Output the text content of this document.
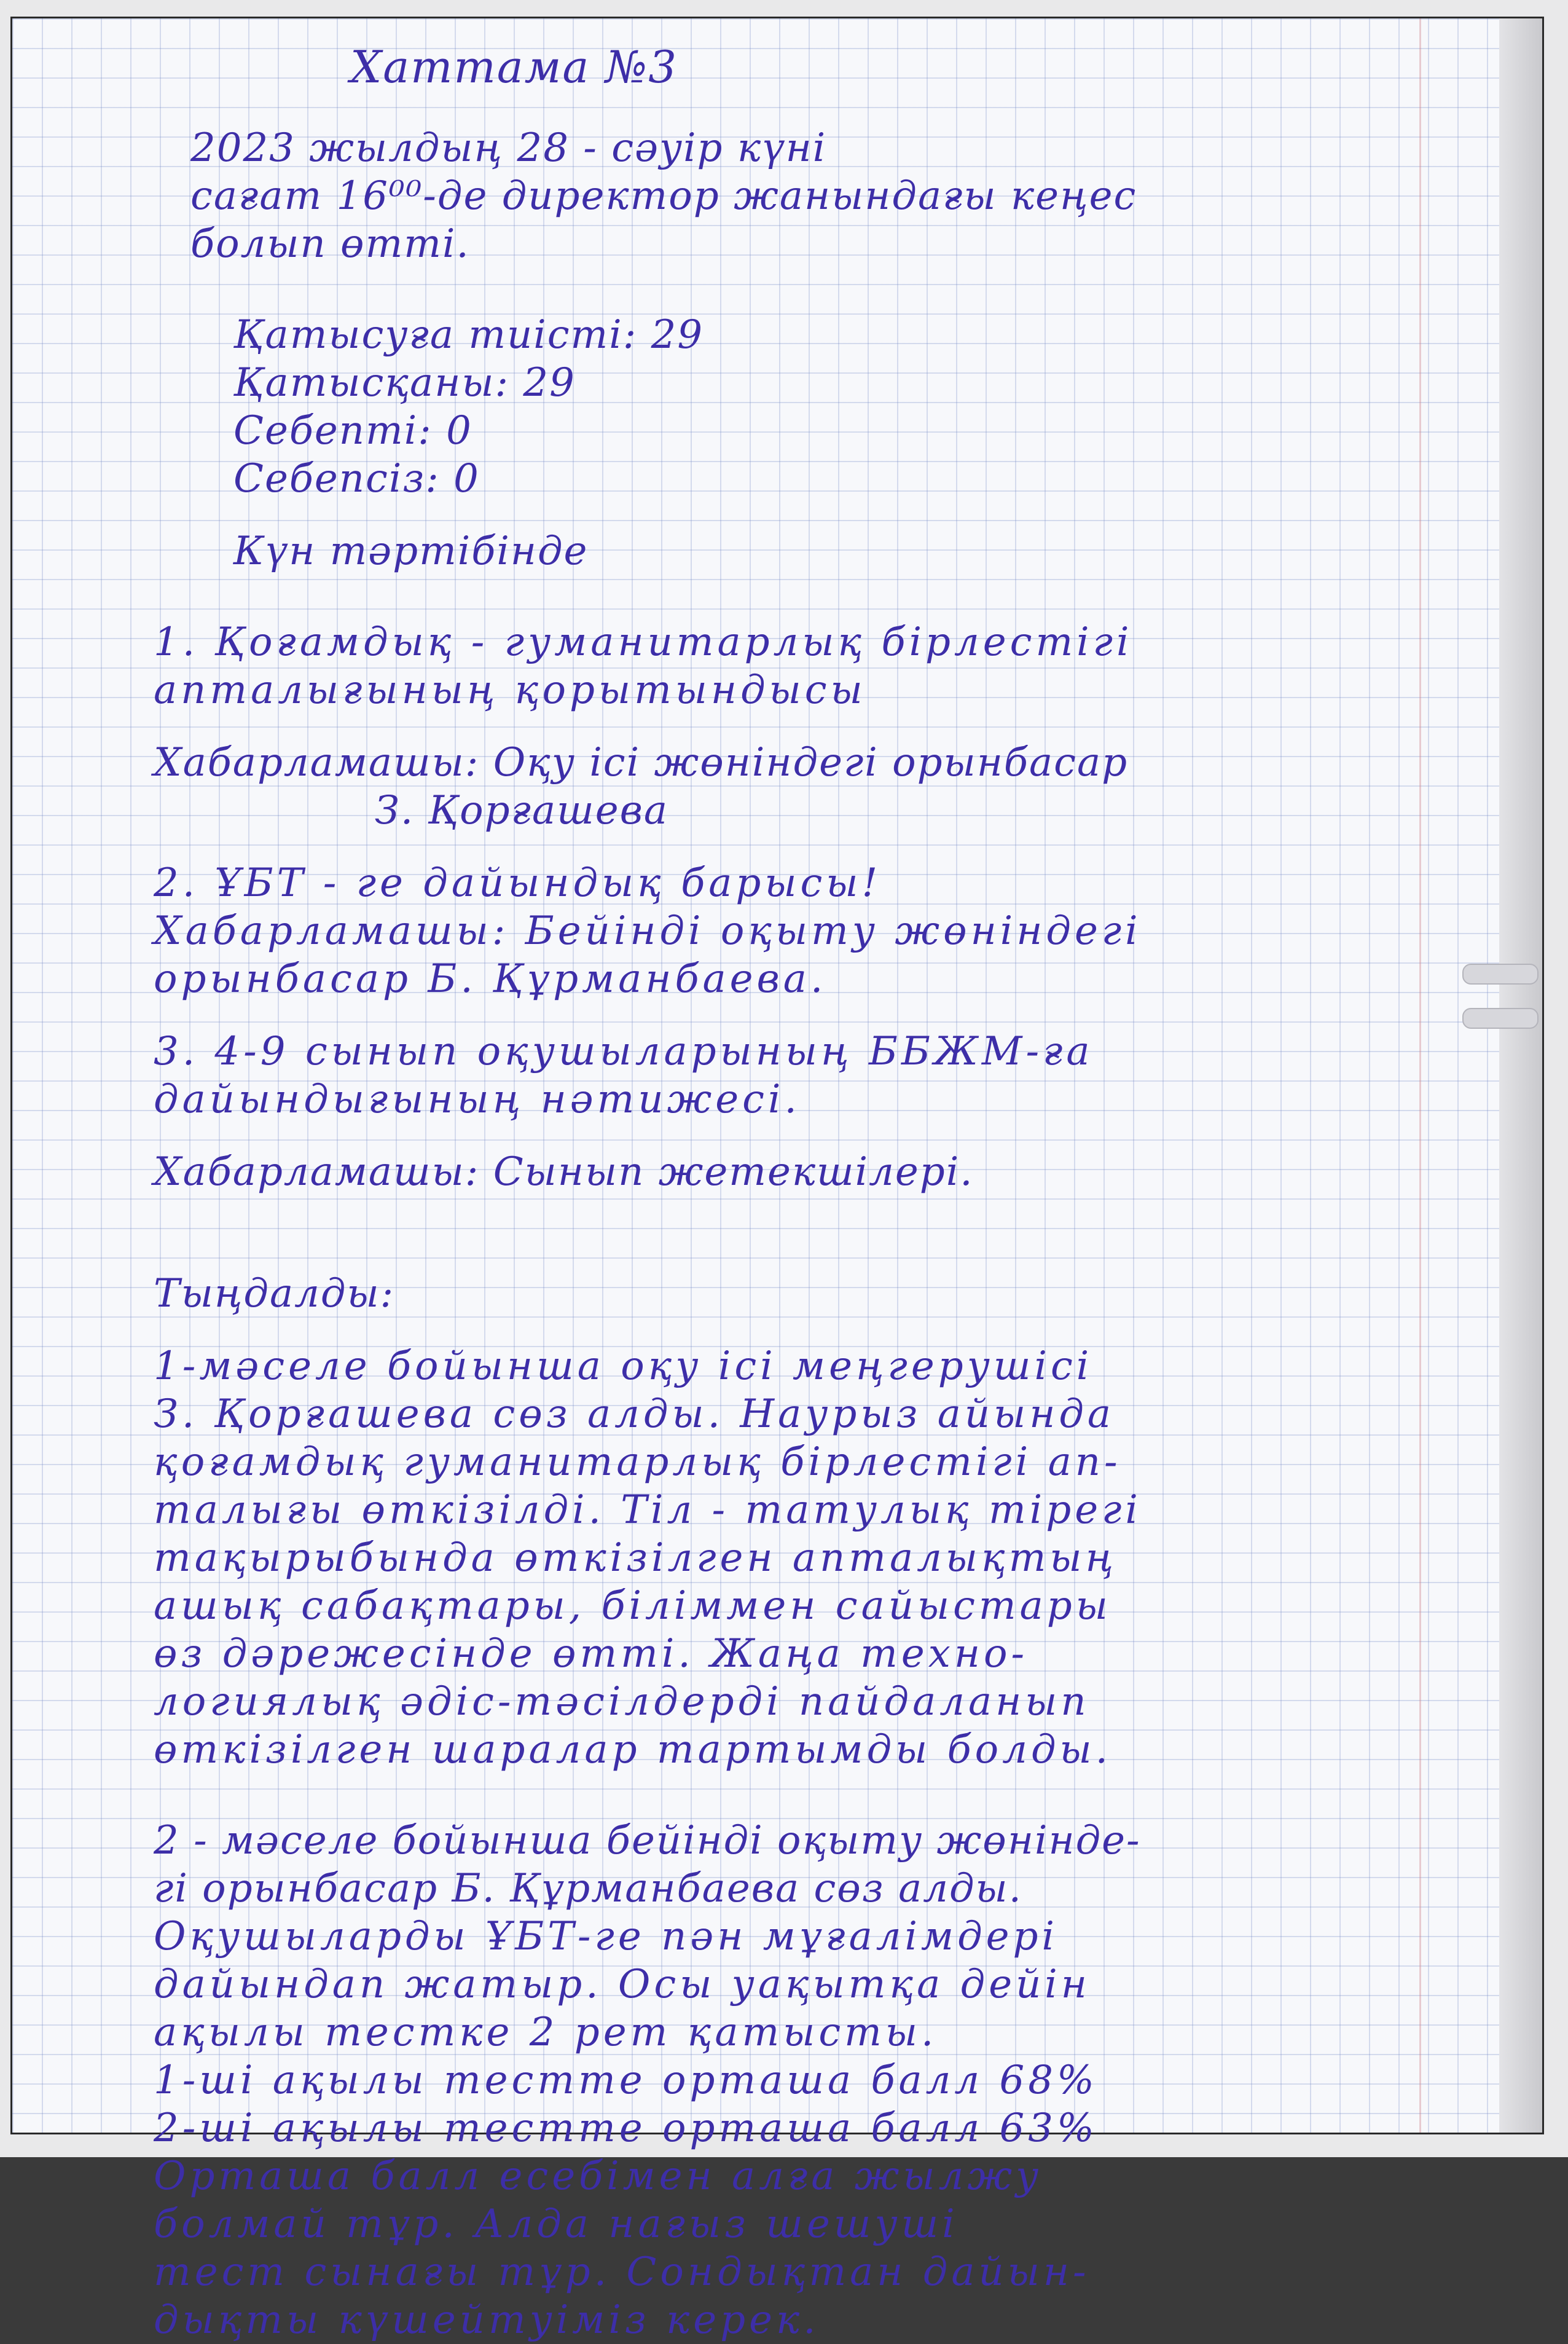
Хаттама №3

2023 жылдың 28 - сәуір күні

сағат 16⁰⁰-де директор жанындағы кеңес

болып өтті.

Қатысуға тиісті: 29

Қатысқаны: 29

Себепті: 0

Себепсіз: 0

Күн тәртібінде

1. Қоғамдық - гуманитарлық бірлестігі

апталығының қорытындысы

Хабарламашы: Оқу ісі жөніндегі орынбасар

З. Қорғашева

2. ҰБТ - ге дайындық барысы!

Хабарламашы: Бейінді оқыту жөніндегі

орынбасар Б. Құрманбаева.

3. 4-9 сынып оқушыларының ББЖМ-ға

дайындығының нәтижесі.

Хабарламашы: Сынып жетекшілері.

Тыңдалды:

1-мәселе бойынша оқу ісі меңгерушісі

З. Қорғашева сөз алды. Наурыз айында

қоғамдық гуманитарлық бірлестігі ап-

талығы өткізілді. Тіл - татулық тірегі

тақырыбында өткізілген апталықтың

ашық сабақтары, біліммен сайыстары

өз дәрежесінде өтті. Жаңа техно-

логиялық әдіс-тәсілдерді пайдаланып

өткізілген шаралар тартымды болды.

2 - мәселе бойынша бейінді оқыту жөнінде-

гі орынбасар Б. Құрманбаева сөз алды.

Оқушыларды ҰБТ-ге пән мұғалімдері

дайындап жатыр. Осы уақытқа дейін

ақылы тестке 2 рет қатысты.

1-ші ақылы тестте орташа балл 68%

2-ші ақылы тестте орташа балл 63%

Орташа балл есебімен алға жылжу

болмай тұр. Алда нағыз шешуші

тест сынағы тұр. Сондықтан дайын-

дықты күшейтуіміз керек.
